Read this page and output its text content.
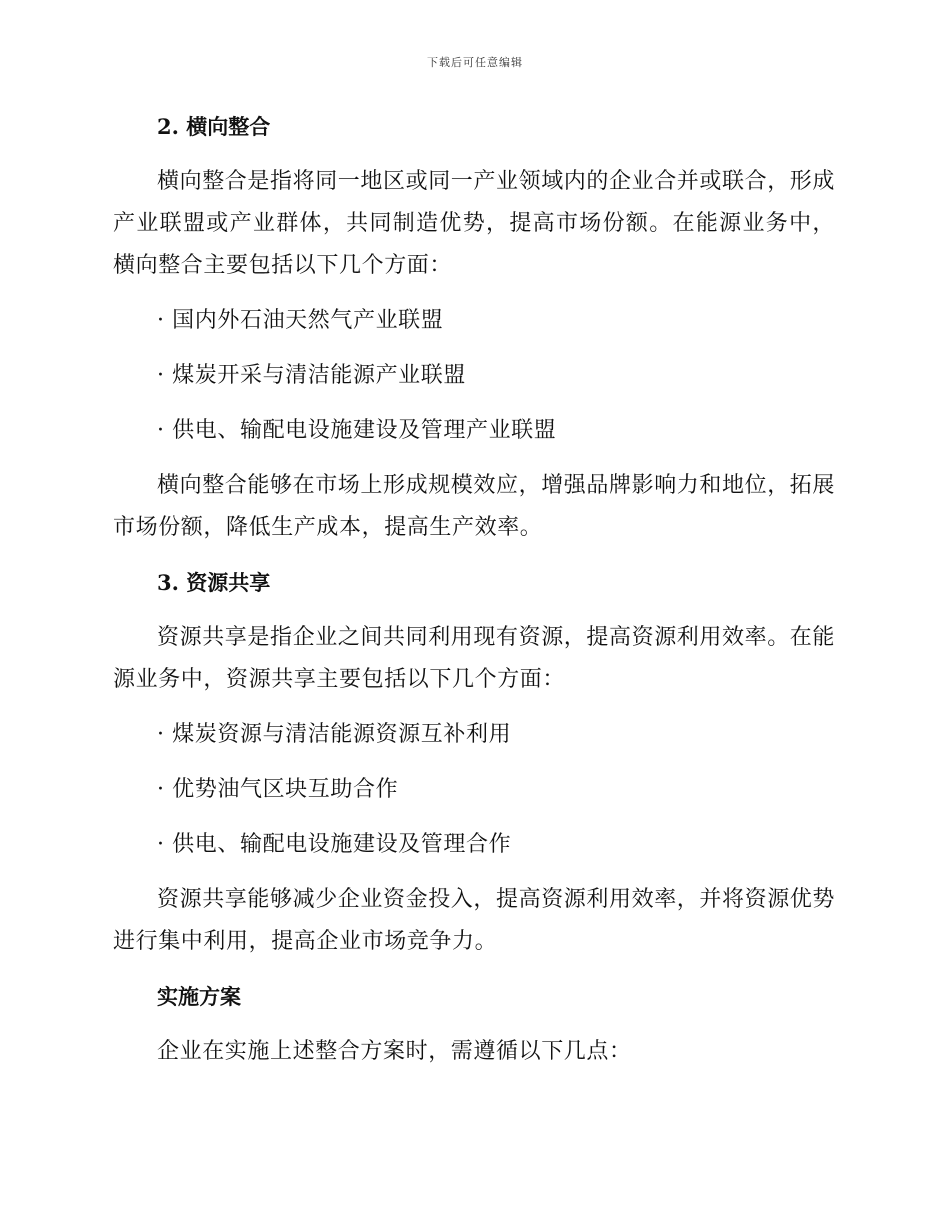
下载后可任意编辑
2. 横向整合

横向整合是指将同一地区或同一产业领域内的企业合并或联合，形成产业联盟或产业群体，共同制造优势，提高市场份额。在能源业务中，横向整合主要包括以下几个方面：

· 国内外石油天然气产业联盟

· 煤炭开采与清洁能源产业联盟

· 供电、输配电设施建设及管理产业联盟

横向整合能够在市场上形成规模效应，增强品牌影响力和地位，拓展市场份额，降低生产成本，提高生产效率。

3. 资源共享

资源共享是指企业之间共同利用现有资源，提高资源利用效率。在能源业务中，资源共享主要包括以下几个方面：

· 煤炭资源与清洁能源资源互补利用

· 优势油气区块互助合作

· 供电、输配电设施建设及管理合作

资源共享能够减少企业资金投入，提高资源利用效率，并将资源优势进行集中利用，提高企业市场竞争力。

实施方案

企业在实施上述整合方案时，需遵循以下几点：
